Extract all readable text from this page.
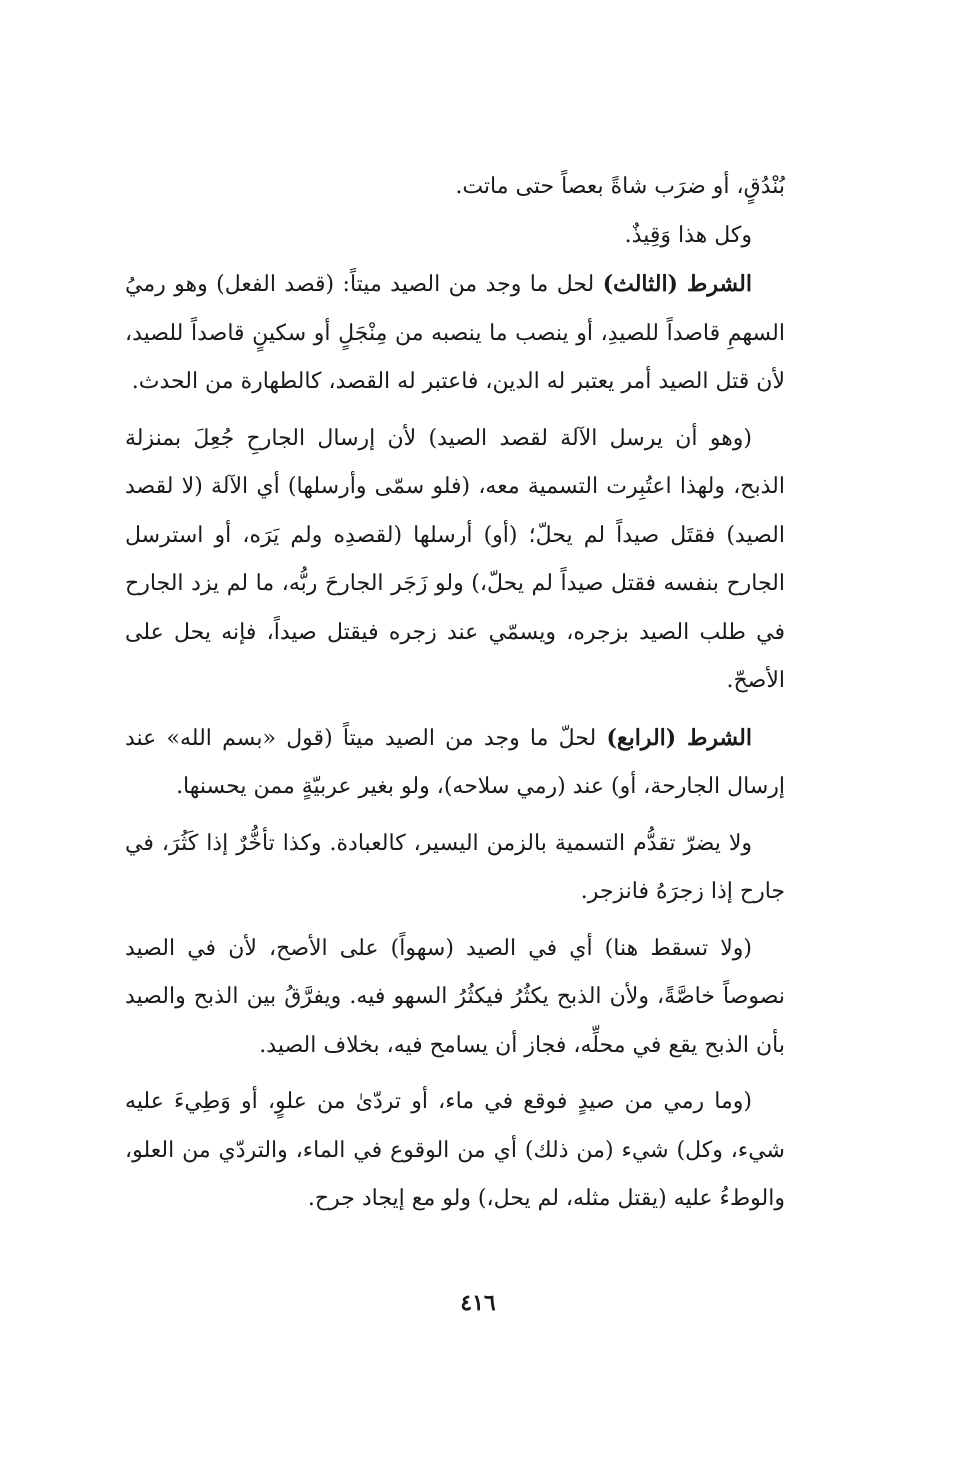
بُنْدُقٍ، أو ضرَب شاةً بعصاً حتى ماتت.

وكل هذا وَقِيذٌ.

الشرط (الثالث) لحل ما وجد من الصيد ميتاً: (قصد الفعل) وهو رميُ السهمِ قاصداً للصيدِ، أو ينصب ما ينصبه من مِنْجَلٍ أو سكينٍ قاصداً للصيد، لأن قتل الصيد أمر يعتبر له الدين، فاعتبر له القصد، كالطهارة من الحدث.

(وهو أن يرسل الآلة لقصد الصيد) لأن إرسال الجارحِ جُعِلَ بمنزلة الذبح، ولهذا اعتُبِرت التسمية معه، (فلو سمّى وأرسلها) أي الآلة (لا لقصد الصيد) فقتَل صيداً لم يحلّ؛ (أو) أرسلها (لقصدِه ولم يَرَه، أو استرسل الجارح بنفسه فقتل صيداً لم يحلّ،) ولو زَجَر الجارحَ ربُّه، ما لم يزد الجارح في طلب الصيد بزجره، ويسمّي عند زجره فيقتل صيداً، فإنه يحل على الأصحّ.

الشرط (الرابع) لحلّ ما وجد من الصيد ميتاً (قول «بسم الله» عند إرسال الجارحة، أو) عند (رمي سلاحه)، ولو بغير عربيّةٍ ممن يحسنها.

ولا يضرّ تقدُّم التسمية بالزمن اليسير، كالعبادة. وكذا تأخُّرٌ إذا كَثُرَ، في جارح إذا زجرَهُ فانزجر.

(ولا تسقط هنا) أي في الصيد (سهواً) على الأصح، لأن في الصيد نصوصاً خاصَّةً، ولأن الذبح يكثُرُ فيكثُرُ السهو فيه. ويفرَّقُ بين الذبح والصيد بأن الذبح يقع في محلِّه، فجاز أن يسامح فيه، بخلاف الصيد.

(وما رمي من صيدٍ فوقع في ماء، أو تردّىٰ من علوٍ، أو وَطِيءَ عليه شيء، وكل) شيء (من ذلك) أي من الوقوع في الماء، والتردّي من العلو، والوطءُ عليه (يقتل مثله، لم يحل،) ولو مع إيجاد جرح.

٤١٦
